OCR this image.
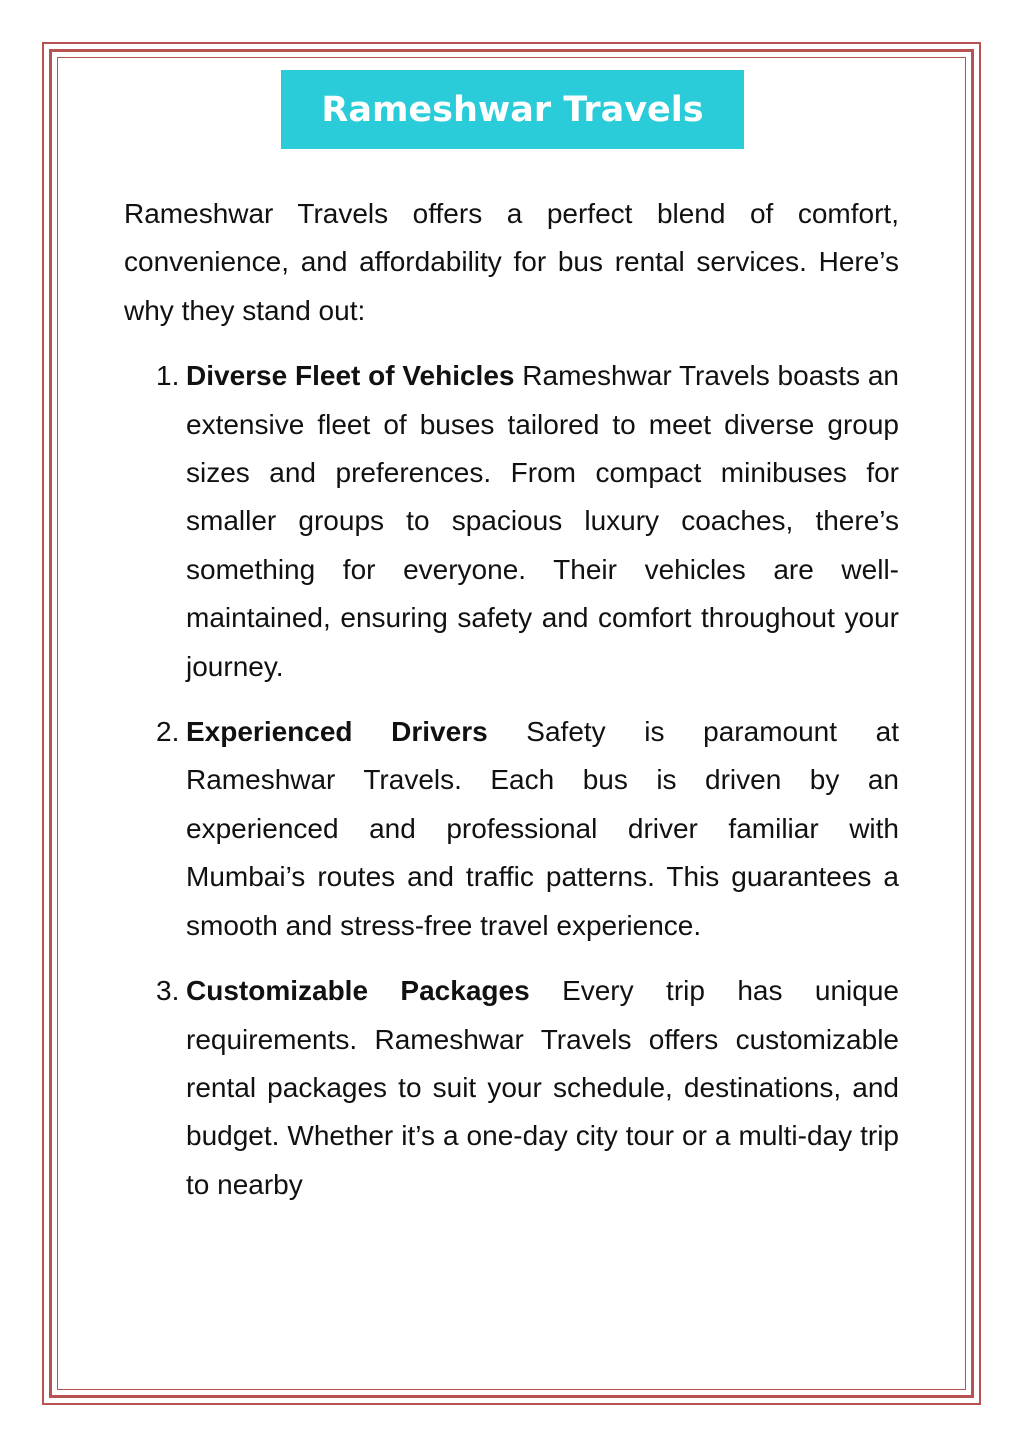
Rameshwar Travels

Rameshwar Travels offers a perfect blend of comfort, convenience, and affordability for bus rental services. Here’s why they stand out:

1. Diverse Fleet of Vehicles Rameshwar Travels boasts an extensive fleet of buses tailored to meet diverse group sizes and preferences. From compact minibuses for smaller groups to spacious luxury coaches, there’s something for everyone. Their vehicles are well-maintained, ensuring safety and comfort throughout your journey.
2. Experienced Drivers Safety is paramount at Rameshwar Travels. Each bus is driven by an experienced and professional driver familiar with Mumbai’s routes and traffic patterns. This guarantees a smooth and stress-free travel experience.
3. Customizable Packages Every trip has unique requirements. Rameshwar Travels offers customizable rental packages to suit your schedule, destinations, and budget. Whether it’s a one-day city tour or a multi-day trip to nearby
